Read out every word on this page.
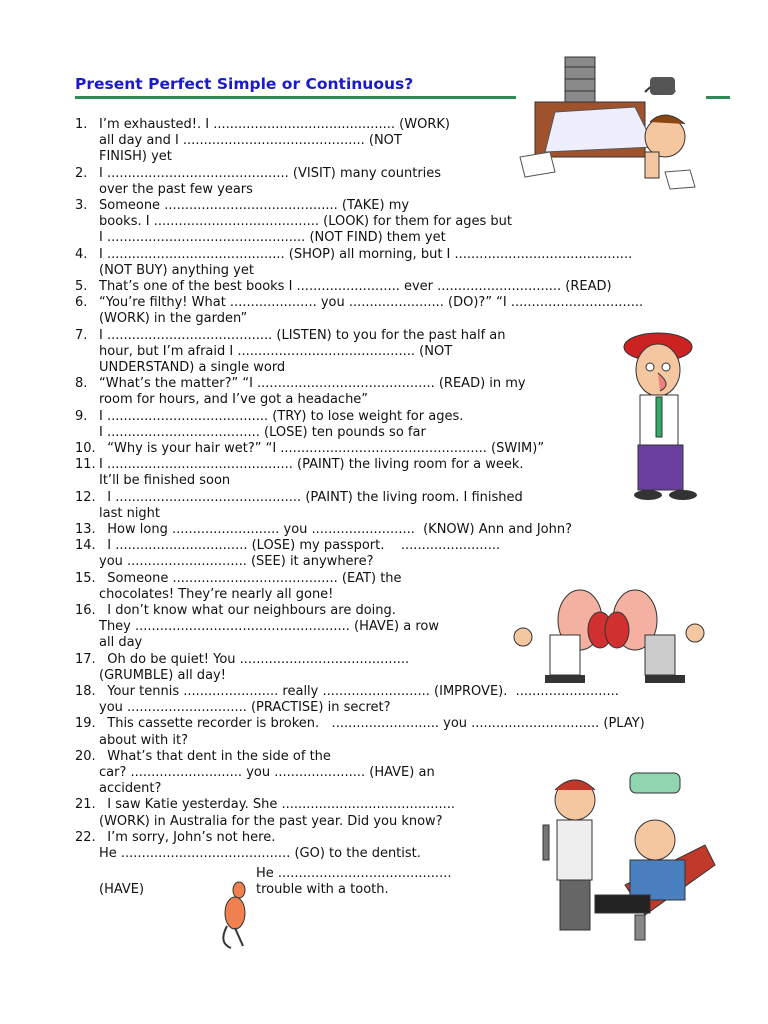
Present Perfect Simple or Continuous?
1. I’m exhausted!. I ............................................ (WORK)
all day and I ............................................ (NOT
FINISH) yet
2. I ............................................ (VISIT) many countries
over the past few years
3. Someone .......................................... (TAKE) my
books. I ........................................ (LOOK) for them for ages but
I ................................................ (NOT FIND) them yet
4. I ........................................... (SHOP) all morning, but I ...........................................
(NOT BUY) anything yet
5. That’s one of the best books I ......................... ever .............................. (READ)
6. “You’re filthy! What ..................... you ....................... (DO)?” “I ................................
(WORK) in the garden”
7. I ........................................ (LISTEN) to you for the past half an
hour, but I’m afraid I ........................................... (NOT
UNDERSTAND) a single word
8. “What’s the matter?” “I ........................................... (READ) in my
room for hours, and I’ve got a headache”
9. I ....................................... (TRY) to lose weight for ages.
I ..................................... (LOSE) ten pounds so far
10. “Why is your hair wet?” “I .................................................. (SWIM)”
11. I ............................................. (PAINT) the living room for a week.
It’ll be finished soon
12. I ............................................. (PAINT) the living room. I finished
last night
13. How long .......................... you .........................  (KNOW) Ann and John?
14. I ................................ (LOSE) my passport.    ........................
you ............................. (SEE) it anywhere?
15. Someone ........................................ (EAT) the
chocolates! They’re nearly all gone!
16. I don’t know what our neighbours are doing.
They .................................................... (HAVE) a row
all day
17. Oh do be quiet! You .........................................
(GRUMBLE) all day!
18. Your tennis ....................... really .......................... (IMPROVE).  .........................
you ............................. (PRACTISE) in secret?
19. This cassette recorder is broken.   .......................... you ............................... (PLAY)
about with it?
20. What’s that dent in the side of the
car? ........................... you ...................... (HAVE) an
accident?
21. I saw Katie yesterday. She ..........................................
(WORK) in Australia for the past year. Did you know?
22. I’m sorry, John’s not here.
He ......................................... (GO) to the dentist.

He ..........................................

(HAVE)

	trouble with a tooth.
